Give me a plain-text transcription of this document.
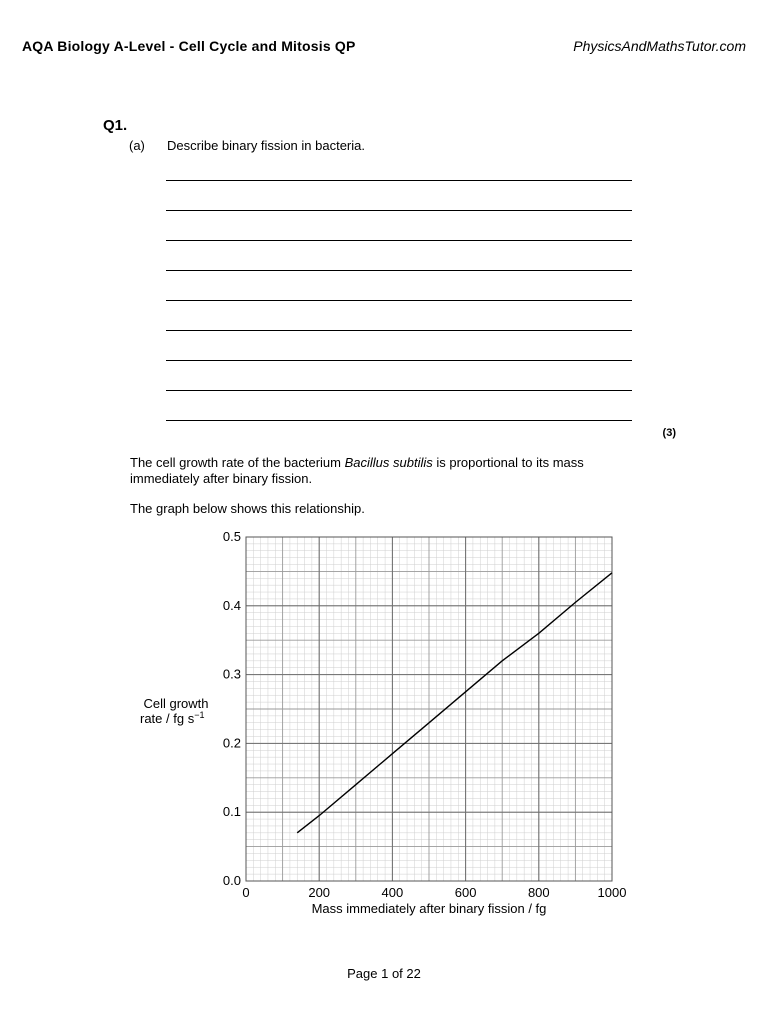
AQA Biology A-Level - Cell Cycle and Mitosis QP	PhysicsAndMathsTutor.com
Q1.
(a) Describe binary fission in bacteria.
(3)
The cell growth rate of the bacterium Bacillus subtilis is proportional to its mass immediately after binary fission.
The graph below shows this relationship.
0.0
0.1
0.2
0.3
0.4
0.5
0	200	400	600	800	1000
Cell growth
rate / fg $s^{-1}$
Mass immediately after binary fission / fg
Page 1 of 22
